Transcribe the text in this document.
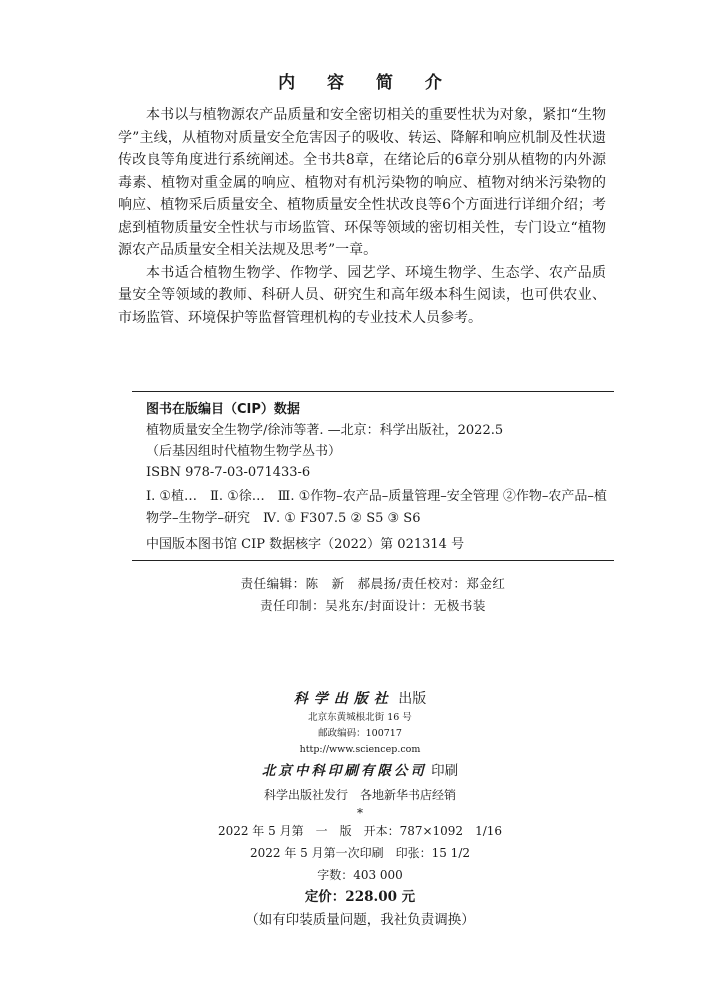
内 容 简 介

本书以与植物源农产品质量和安全密切相关的重要性状为对象，紧扣“生物学”主线，从植物对质量安全危害因子的吸收、转运、降解和响应机制及性状遗传改良等角度进行系统阐述。全书共8章，在绪论后的6章分别从植物的内外源毒素、植物对重金属的响应、植物对有机污染物的响应、植物对纳米污染物的响应、植物采后质量安全、植物质量安全性状改良等6个方面进行详细介绍；考虑到植物质量安全性状与市场监管、环保等领域的密切相关性，专门设立“植物源农产品质量安全相关法规及思考”一章。

本书适合植物生物学、作物学、园艺学、环境生物学、生态学、农产品质量安全等领域的教师、科研人员、研究生和高年级本科生阅读，也可供农业、市场监管、环境保护等监督管理机构的专业技术人员参考。

图书在版编目（CIP）数据
植物质量安全生物学/徐沛等著. —北京：科学出版社，2022.5
（后基因组时代植物生物学丛书）
ISBN 978-7-03-071433-6
Ⅰ. ①植…　Ⅱ. ①徐…　Ⅲ. ①作物–农产品–质量管理–安全管理 ②作物–农产品–植物学–生物学–研究　Ⅳ. ① F307.5 ② S5 ③ S6
中国版本图书馆 CIP 数据核字（2022）第 021314 号
责任编辑：陈　新　郝晨扬/责任校对：郑金红
责任印制：吴兆东/封面设计：无极书装
科学出版社 出版
北京东黄城根北街 16 号
邮政编码：100717
http://www.sciencep.com
北京中科印刷有限公司 印刷
科学出版社发行　各地新华书店经销
*
2022 年 5 月第　一　版　开本：787×1092　1/16
2022 年 5 月第一次印刷　印张：15 1/2
字数：403 000
定价：228.00 元
（如有印装质量问题，我社负责调换）
